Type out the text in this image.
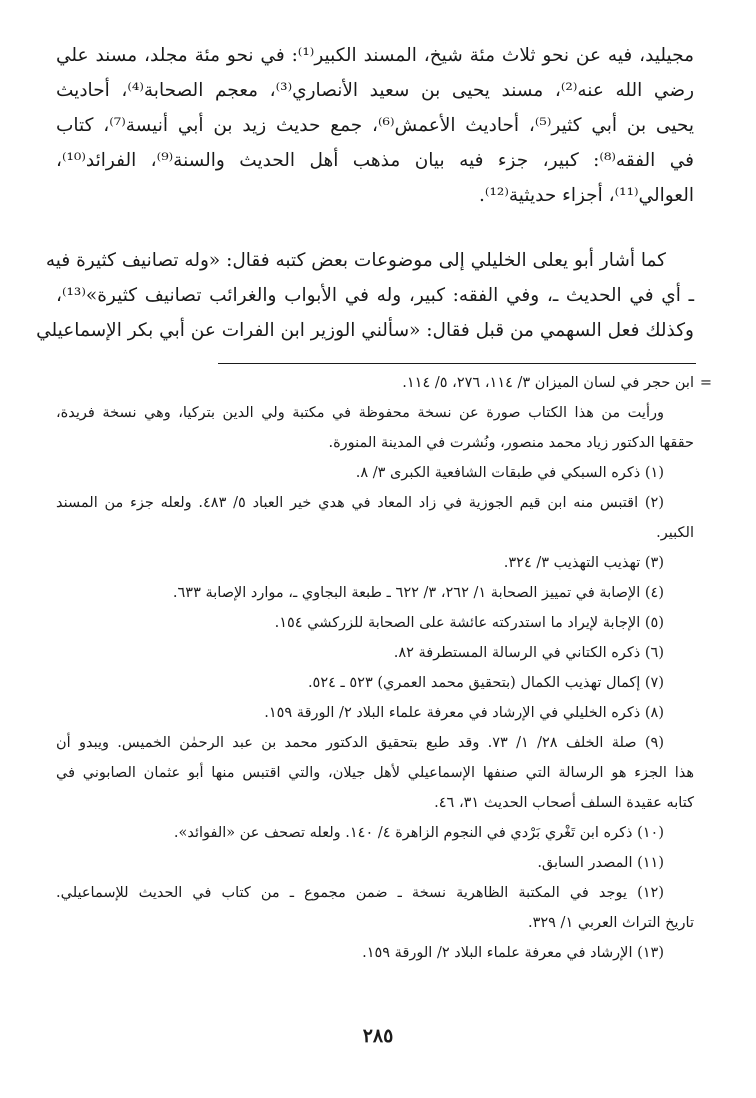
مجيليد، فيه عن نحو ثلاث مئة شيخ، المسند الكبير⁽¹⁾: في نحو مئة مجلد، مسند علي
رضي الله عنه⁽²⁾، مسند يحيى بن سعيد الأنصاري⁽³⁾، معجم الصحابة⁽⁴⁾، أحاديث
يحيى بن أبي كثير⁽⁵⁾، أحاديث الأعمش⁽⁶⁾، جمع حديث زيد بن أبي أنيسة⁽⁷⁾، كتاب
في الفقه⁽⁸⁾: كبير، جزء فيه بيان مذهب أهل الحديث والسنة⁽⁹⁾، الفرائد⁽¹⁰⁾،
العوالي⁽¹¹⁾، أجزاء حديثية⁽¹²⁾.
كما أشار أبو يعلى الخليلي إلى موضوعات بعض كتبه فقال: «وله تصانيف كثيرة فيه
ـ أي في الحديث ـ، وفي الفقه: كبير، وله في الأبواب والغرائب تصانيف كثيرة»⁽¹³⁾،
وكذلك فعل السهمي من قبل فقال: «سألني الوزير ابن الفرات عن أبي بكر الإسماعيلي
=
ابن حجر في لسان الميزان ٣/ ١١٤، ٢٧٦، ٥/ ١١٤.
ورأيت من هذا الكتاب صورة عن نسخة محفوظة في مكتبة ولي الدين بتركيا، وهي نسخة فريدة،
حققها الدكتور زياد محمد منصور، ونُشرت في المدينة المنورة.
(١) ذكره السبكي في طبقات الشافعية الكبرى ٣/ ٨.
(٢) اقتبس منه ابن قيم الجوزية في زاد المعاد في هدي خير العباد ٥/ ٤٨٣. ولعله جزء من المسند
الكبير.
(٣) تهذيب التهذيب ٣/ ٣٢٤.
(٤) الإصابة في تمييز الصحابة ١/ ٢٦٢، ٣/ ٦٢٢ ـ طبعة البجاوي ـ، موارد الإصابة ٦٣٣.
(٥) الإجابة لإيراد ما استدركته عائشة على الصحابة للزركشي ١٥٤.
(٦) ذكره الكتاني في الرسالة المستطرفة ٨٢.
(٧) إكمال تهذيب الكمال (بتحقيق محمد العمري) ٥٢٣ ـ ٥٢٤.
(٨) ذكره الخليلي في الإرشاد في معرفة علماء البلاد ٢/ الورقة ١٥٩.
(٩) صلة الخلف ٢٨/ ١/ ٧٣. وقد طبع بتحقيق الدكتور محمد بن عبد الرحمٰن الخميس. ويبدو أن
هذا الجزء هو الرسالة التي صنفها الإسماعيلي لأهل جيلان، والتي اقتبس منها أبو عثمان الصابوني في
كتابه عقيدة السلف أصحاب الحديث ٣١، ٤٦.
(١٠) ذكره ابن تَغْري بَرْدي في النجوم الزاهرة ٤/ ١٤٠. ولعله تصحف عن «الفوائد».
(١١) المصدر السابق.
(١٢) يوجد في المكتبة الظاهرية نسخة ـ ضمن مجموع ـ من كتاب في الحديث للإسماعيلي.
تاريخ التراث العربي ١/ ٣٢٩.
(١٣) الإرشاد في معرفة علماء البلاد ٢/ الورقة ١٥٩.
٢٨٥
